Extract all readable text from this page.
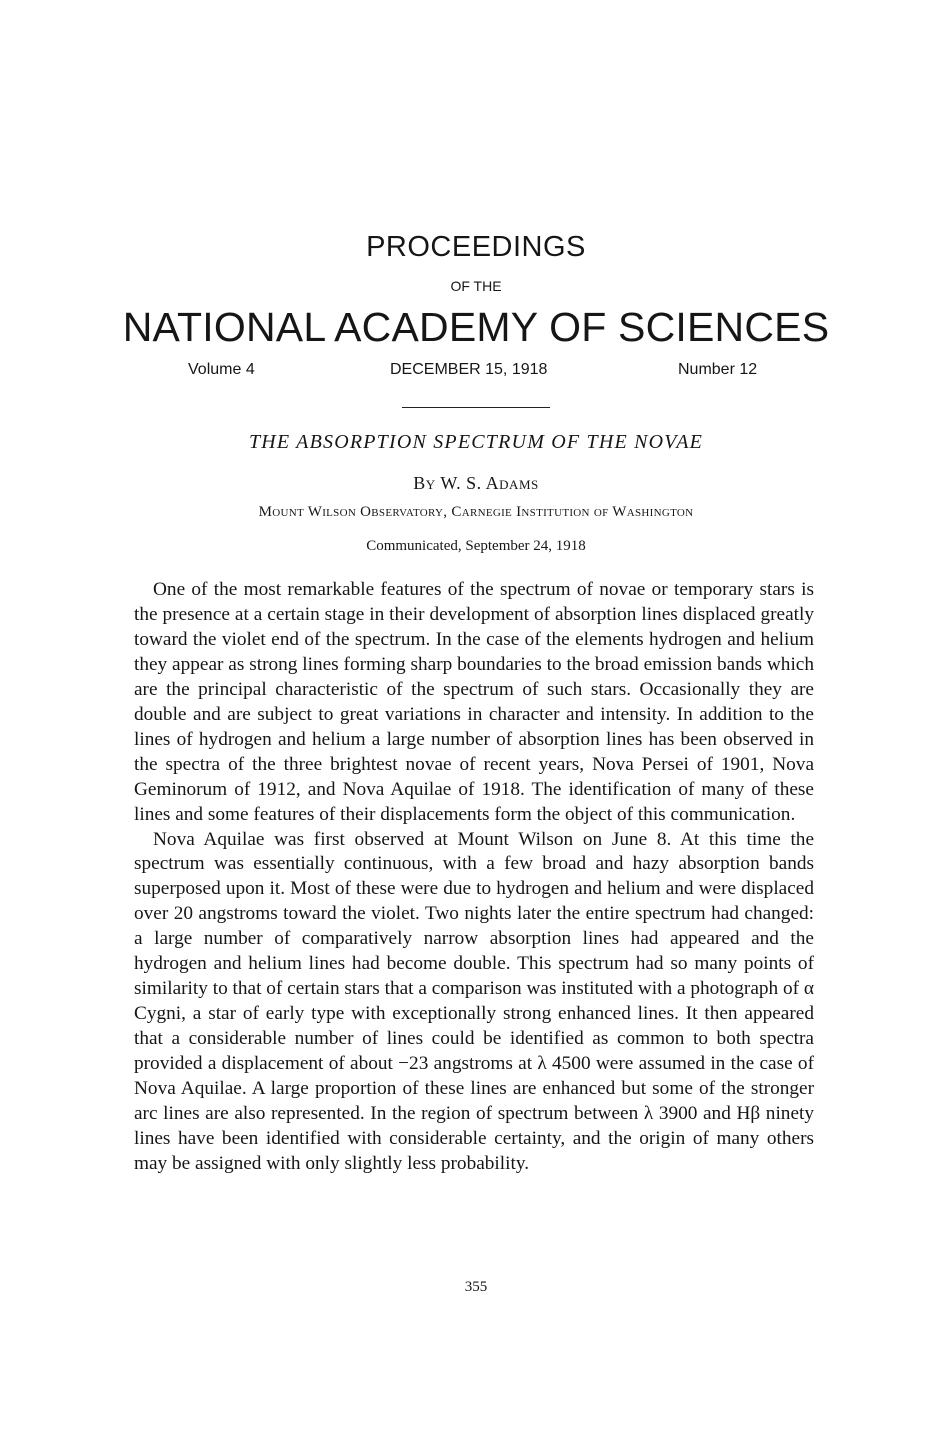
PROCEEDINGS
OF THE
NATIONAL ACADEMY OF SCIENCES
Volume 4	DECEMBER 15, 1918	Number 12
THE ABSORPTION SPECTRUM OF THE NOVAE
By W. S. Adams
Mount Wilson Observatory, Carnegie Institution of Washington
Communicated, September 24, 1918

One of the most remarkable features of the spectrum of novae or temporary stars is the presence at a certain stage in their development of absorption lines displaced greatly toward the violet end of the spectrum. In the case of the elements hydrogen and helium they appear as strong lines forming sharp boundaries to the broad emission bands which are the principal characteristic of the spectrum of such stars. Occasionally they are double and are subject to great variations in character and intensity. In addition to the lines of hydrogen and helium a large number of absorption lines has been observed in the spectra of the three brightest novae of recent years, Nova Persei of 1901, Nova Geminorum of 1912, and Nova Aquilae of 1918. The identification of many of these lines and some features of their displacements form the object of this communication.

Nova Aquilae was first observed at Mount Wilson on June 8. At this time the spectrum was essentially continuous, with a few broad and hazy absorption bands superposed upon it. Most of these were due to hydrogen and helium and were displaced over 20 angstroms toward the violet. Two nights later the entire spectrum had changed: a large number of comparatively narrow absorption lines had appeared and the hydrogen and helium lines had become double. This spectrum had so many points of similarity to that of certain stars that a comparison was instituted with a photograph of α Cygni, a star of early type with exceptionally strong enhanced lines. It then appeared that a considerable number of lines could be identified as common to both spectra provided a displacement of about −23 angstroms at λ 4500 were assumed in the case of Nova Aquilae. A large proportion of these lines are enhanced but some of the stronger arc lines are also represented. In the region of spectrum between λ 3900 and Hβ ninety lines have been identified with considerable certainty, and the origin of many others may be assigned with only slightly less probability.

355
